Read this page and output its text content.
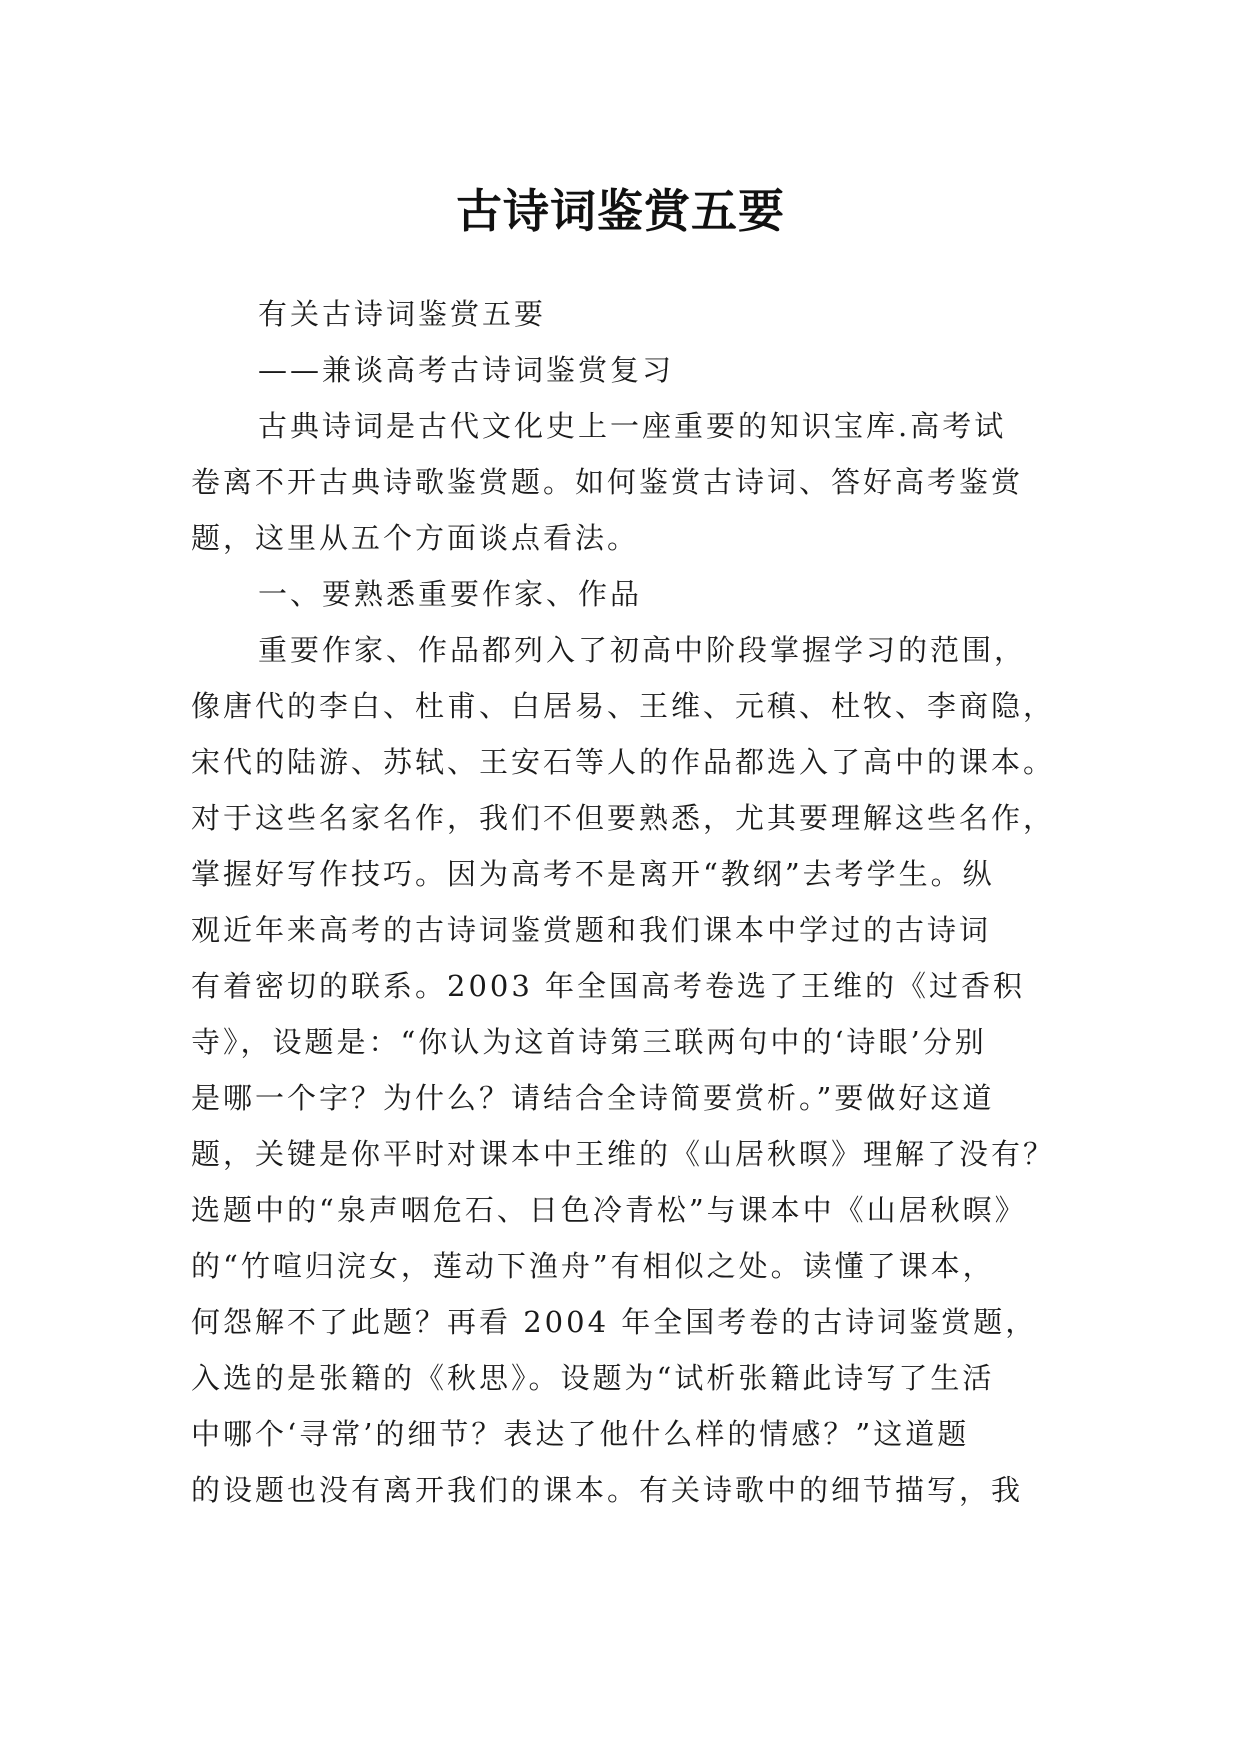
古诗词鉴赏五要

有关古诗词鉴赏五要

——兼谈高考古诗词鉴赏复习

古典诗词是古代文化史上一座重要的知识宝库.高考试

卷离不开古典诗歌鉴赏题。如何鉴赏古诗词、答好高考鉴赏

题，这里从五个方面谈点看法。

一、要熟悉重要作家、作品

重要作家、作品都列入了初高中阶段掌握学习的范围，

像唐代的李白、杜甫、白居易、王维、元稹、杜牧、李商隐，

宋代的陆游、苏轼、王安石等人的作品都选入了高中的课本。

对于这些名家名作，我们不但要熟悉，尤其要理解这些名作，

掌握好写作技巧。因为高考不是离开“教纲”去考学生。纵

观近年来高考的古诗词鉴赏题和我们课本中学过的古诗词

有着密切的联系。2003 年全国高考卷选了王维的《过香积

寺》，设题是：“你认为这首诗第三联两句中的‘诗眼’分别

是哪一个字？为什么？请结合全诗简要赏析。”要做好这道

题，关键是你平时对课本中王维的《山居秋暝》理解了没有？

选题中的“泉声咽危石、日色冷青松”与课本中《山居秋暝》

的“竹喧归浣女，莲动下渔舟”有相似之处。读懂了课本，

何怨解不了此题？再看 2004 年全国考卷的古诗词鉴赏题，

入选的是张籍的《秋思》。设题为“试析张籍此诗写了生活

中哪个‘寻常’的细节？表达了他什么样的情感？”这道题

的设题也没有离开我们的课本。有关诗歌中的细节描写，我
